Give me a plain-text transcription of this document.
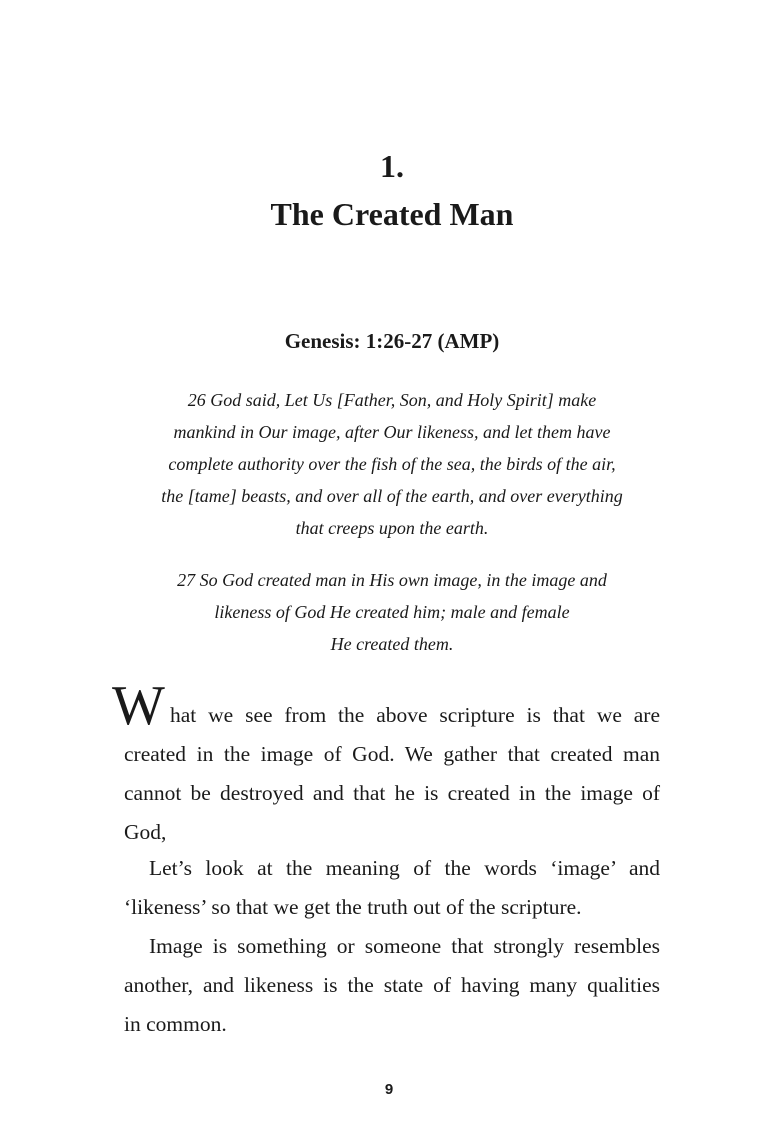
1.
The Created Man
Genesis: 1:26-27 (AMP)

26 God said, Let Us [Father, Son, and Holy Spirit] make
mankind in Our image, after Our likeness, and let them have
complete authority over the fish of the sea, the birds of the air,
the [tame] beasts, and over all of the earth, and over everything
that creeps upon the earth.

27 So God created man in His own image, in the image and
likeness of God He created him; male and female
He created them.

W hat we see from the above scripture is that we are
created in the image of God. We gather that created man
cannot be destroyed and that he is created in the image of
God,

Let’s look at the meaning of the words ‘image’ and
‘likeness’ so that we get the truth out of the scripture.

Image is something or someone that strongly resembles
another, and likeness is the state of having many qualities
in common.

9
